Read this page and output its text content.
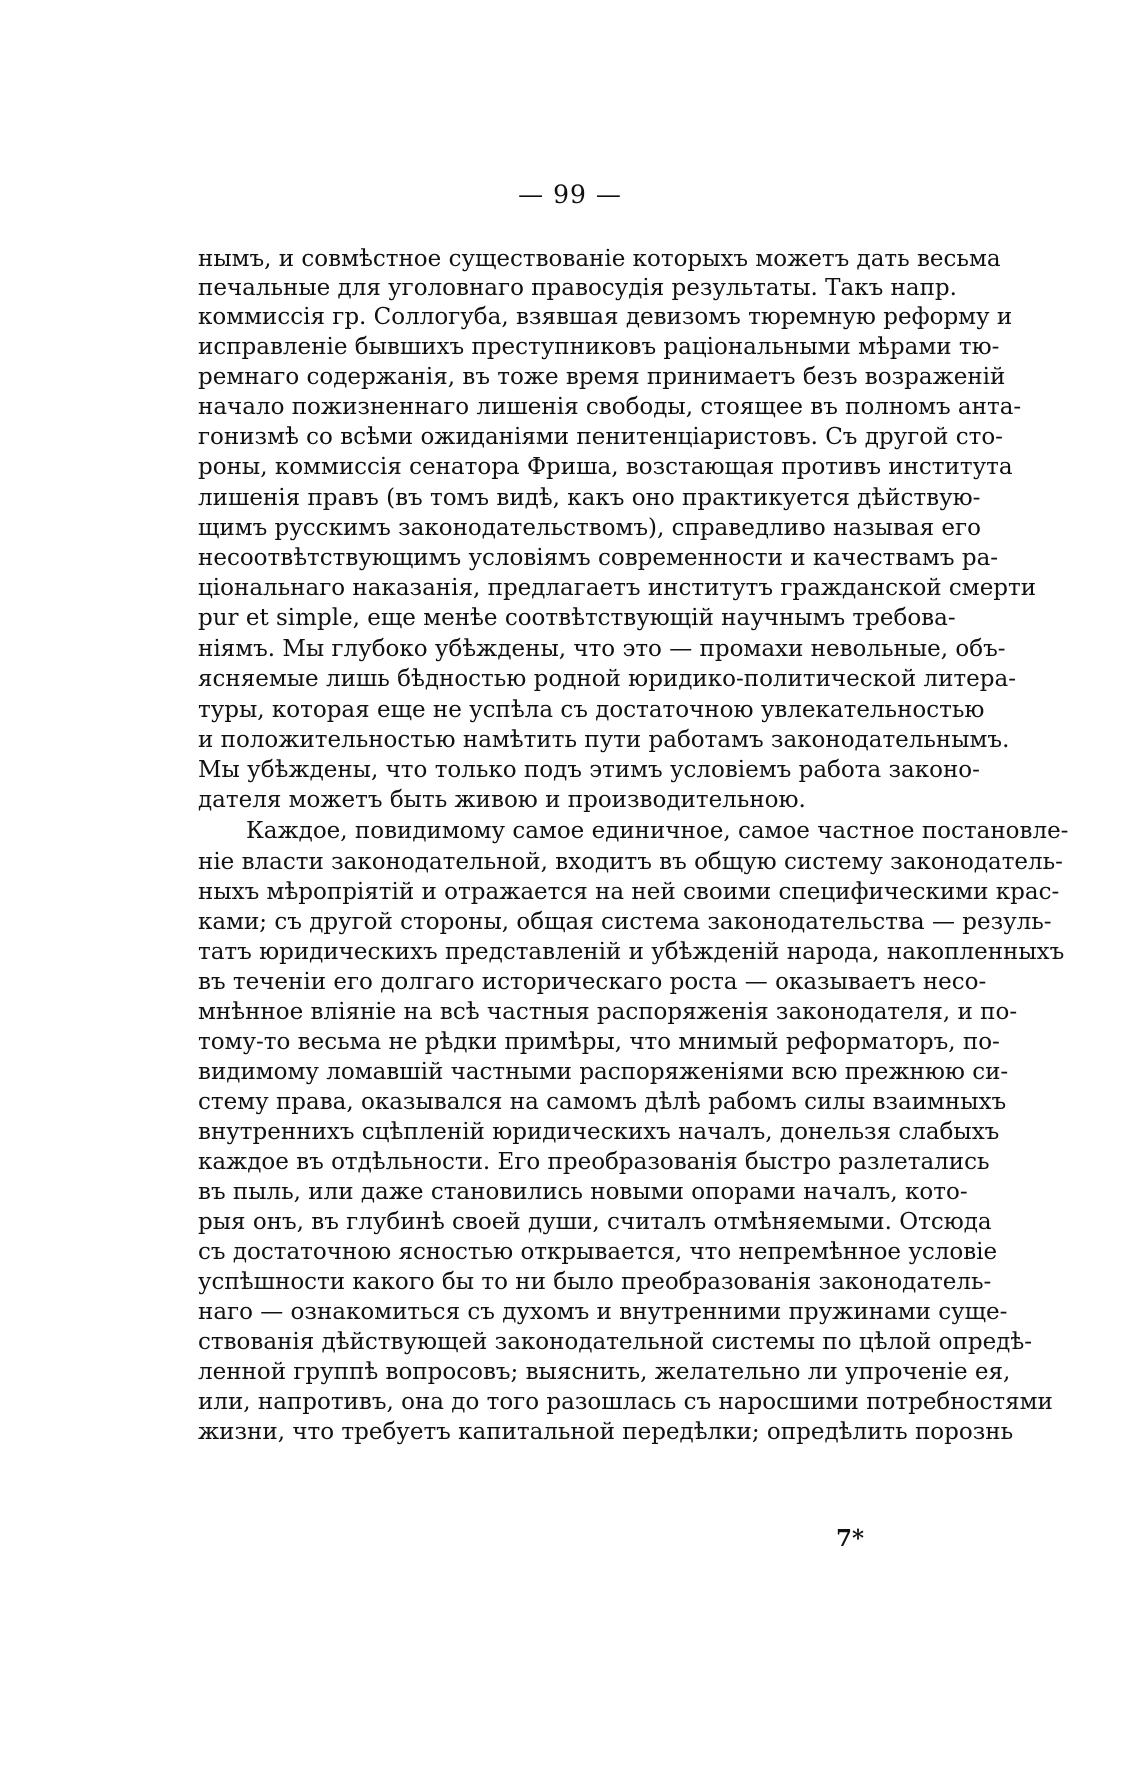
— 99 —
нымъ, и совмѣстное существованіе которыхъ можетъ дать весьма
печальные для уголовнаго правосудія результаты. Такъ напр.
коммиссія гр. Соллогуба, взявшая девизомъ тюремную реформу и
исправленіе бывшихъ преступниковъ раціональными мѣрами тю-
ремнаго содержанія, въ тоже время принимаетъ безъ возраженій
начало пожизненнаго лишенія свободы, стоящее въ полномъ анта-
гонизмѣ со всѣми ожиданіями пенитенціаристовъ. Съ другой сто-
роны, коммиссія сенатора Фриша, возстающая противъ института
лишенія правъ (въ томъ видѣ, какъ оно практикуется дѣйствую-
щимъ русскимъ законодательствомъ), справедливо называя его
несоотвѣтствующимъ условіямъ современности и качествамъ ра-
ціональнаго наказанія, предлагаетъ институтъ гражданской смерти
pur et simple, еще менѣе соотвѣтствующій научнымъ требова-
ніямъ. Мы глубоко убѣждены, что это — промахи невольные, объ-
ясняемые лишь бѣдностью родной юридико-политической литера-
туры, которая еще не успѣла съ достаточною увлекательностью
и положительностью намѣтить пути работамъ законодательнымъ.
Мы убѣждены, что только подъ этимъ условіемъ работа законо-
дателя можетъ быть живою и производительною.
Каждое, повидимому самое единичное, самое частное постановле-
ніе власти законодательной, входитъ въ общую систему законодатель-
ныхъ мѣропріятій и отражается на ней своими специфическими крас-
ками; съ другой стороны, общая система законодательства — резуль-
татъ юридическихъ представленій и убѣжденій народа, накопленныхъ
въ теченіи его долгаго историческаго роста — оказываетъ несо-
мнѣнное вліяніе на всѣ частныя распоряженія законодателя, и по-
тому-то весьма не рѣдки примѣры, что мнимый реформаторъ, по-
видимому ломавшій частными распоряженіями всю прежнюю си-
стему права, оказывался на самомъ дѣлѣ рабомъ силы взаимныхъ
внутреннихъ сцѣпленій юридическихъ началъ, донельзя слабыхъ
каждое въ отдѣльности. Его преобразованія быстро разлетались
въ пыль, или даже становились новыми опорами началъ, кото-
рыя онъ, въ глубинѣ своей души, считалъ отмѣняемыми. Отсюда
съ достаточною ясностью открывается, что непремѣнное условіе
успѣшности какого бы то ни было преобразованія законодатель-
наго — ознакомиться съ духомъ и внутренними пружинами суще-
ствованія дѣйствующей законодательной системы по цѣлой опредѣ-
ленной группѣ вопросовъ; выяснить, желательно ли упроченіе ея,
или, напротивъ, она до того разошлась съ наросшими потребностями
жизни, что требуетъ капитальной передѣлки; опредѣлить порознь
7*
